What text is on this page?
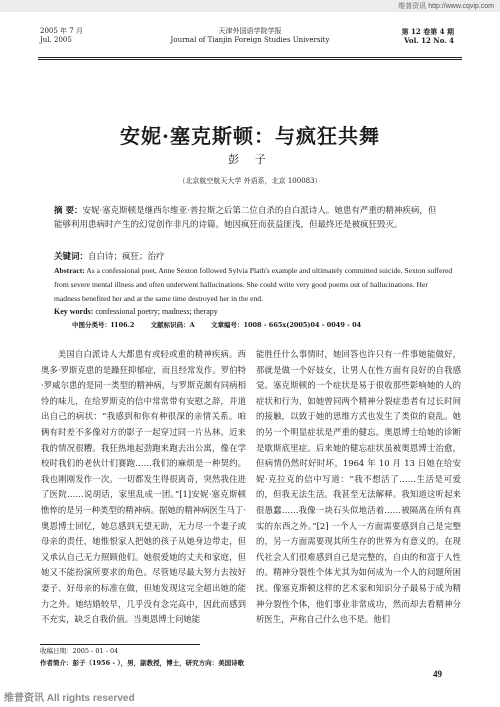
维普资讯 http://www.cqvip.com
2005 年 7 月
Jul. 2005
天津外国语学院学报
Journal of Tianjin Foreign Studies University
第 12 卷第 4 期
Vol. 12 No. 4
安妮·塞克斯顿：与疯狂共舞
彭 子
（北京航空航天大学 外语系，北京 100083）
摘 要：安妮·塞克斯顿是继西尔维亚·普拉斯之后第二位自杀的自白派诗人。她患有严重的精神疾病，但能够利用患病时产生的幻觉创作非凡的诗篇。她因疯狂而获益匪浅，但最终还是被疯狂毁灭。
关键词：自白诗；疯狂；治疗
Abstract: As a confessional poet, Anne Sexton followed Sylvia Plath's example and ultimately committed suicide. Sexton suffered from severe mental illness and often underwent hallucinations. She could write very good poems out of hallucinations. Her madness benefited her and at the same time destroyed her in the end.
Key words: confessional poetry; madness; therapy
中图分类号：I106.2	文献标识码：A	文章编号：1008 - 665x(2005)04 - 0049 - 04

美国自白派诗人大都患有或轻或重的精神疾病。西奥多·罗斯克患的是躁狂抑郁症，而且经常发作。罗伯特·罗威尔患的是同一类型的精神病，与罗斯克颇有同病相怜的味儿，在给罗斯克的信中常常带有安慰之辞，并道出自己的病状：“我感到和你有种很深的亲情关系。咱俩有时差不多像对方的影子一起穿过同一片丛林。近来我的情况很糟。我狂热地起劲跑来跑去出公寓，像在学校时我们的老伙计们赛跑……我们的麻烦是一种契约。我也刚刚发作一次。一切都发生得很离奇，突然我住进了医院……说胡话，家里乱成一团。”[1]安妮·塞克斯顿憔悴的是另一种类型的精神病。据她的精神病医生马丁·奥恩博士回忆，她总感到无望无助，无力尽一个妻子或母亲的责任，她惟恨家人把她的孩子从她身边带走，但又承认自己无力照顾他们。她很爱她的丈夫和家庭，但她又不能扮演所要求的角色。尽管她尽最大努力去按好妻子、好母亲的标准在做，但她发现这完全超出她的能力之外。她结婚较早，几乎没有念完高中，因此而感到不充实，缺乏自我价值。当奥恩博士问她能

能胜任什么事情时，她回答也许只有一件事她能做好，那就是做一个好妓女，让男人在性方面有良好的自我感觉。塞克斯顿的一个症状是易于很收那些影响她的人的症状和行为，如她曾同两个精神分裂症患者有过长时间的接触，以致于她的思维方式也发生了类似的衰乱。她的另一个明显症状是严重的健忘。奥恩博士给她的诊断是歇斯底里症。后来她的健忘症状虽被奥恩博士治愈，但病情仍然时好时坏。1964 年 10 月 13 日她在给安妮·克拉克的信中写道：“我不想活了……生活是可爱的，但我无法生活。我甚至无法解释。我知道这听起来很愚蠢……我像一块石头似地活着……被隔离在所有真实的东西之外。”[2] 一个人一方面需要感到自己是完整的，另一方面需要现其所生存的世界为有意义的。在现代社会人们很难感到自己是完整的，自由的和富于人性的。精神分裂性个体尤其为如何成为一个人的问题所困扰。像塞克斯顿这样的艺术家和知识分子最易于成为精神分裂性个体，他们事业非常成功，然而却去看精神分析医生，声称自己什么也不是。他们

收稿日期：2005 - 01 - 04
作者简介：彭子（1956 - ），男，副教授，博士，研究方向：美国诗歌
49
维普资讯 All rights reserved
